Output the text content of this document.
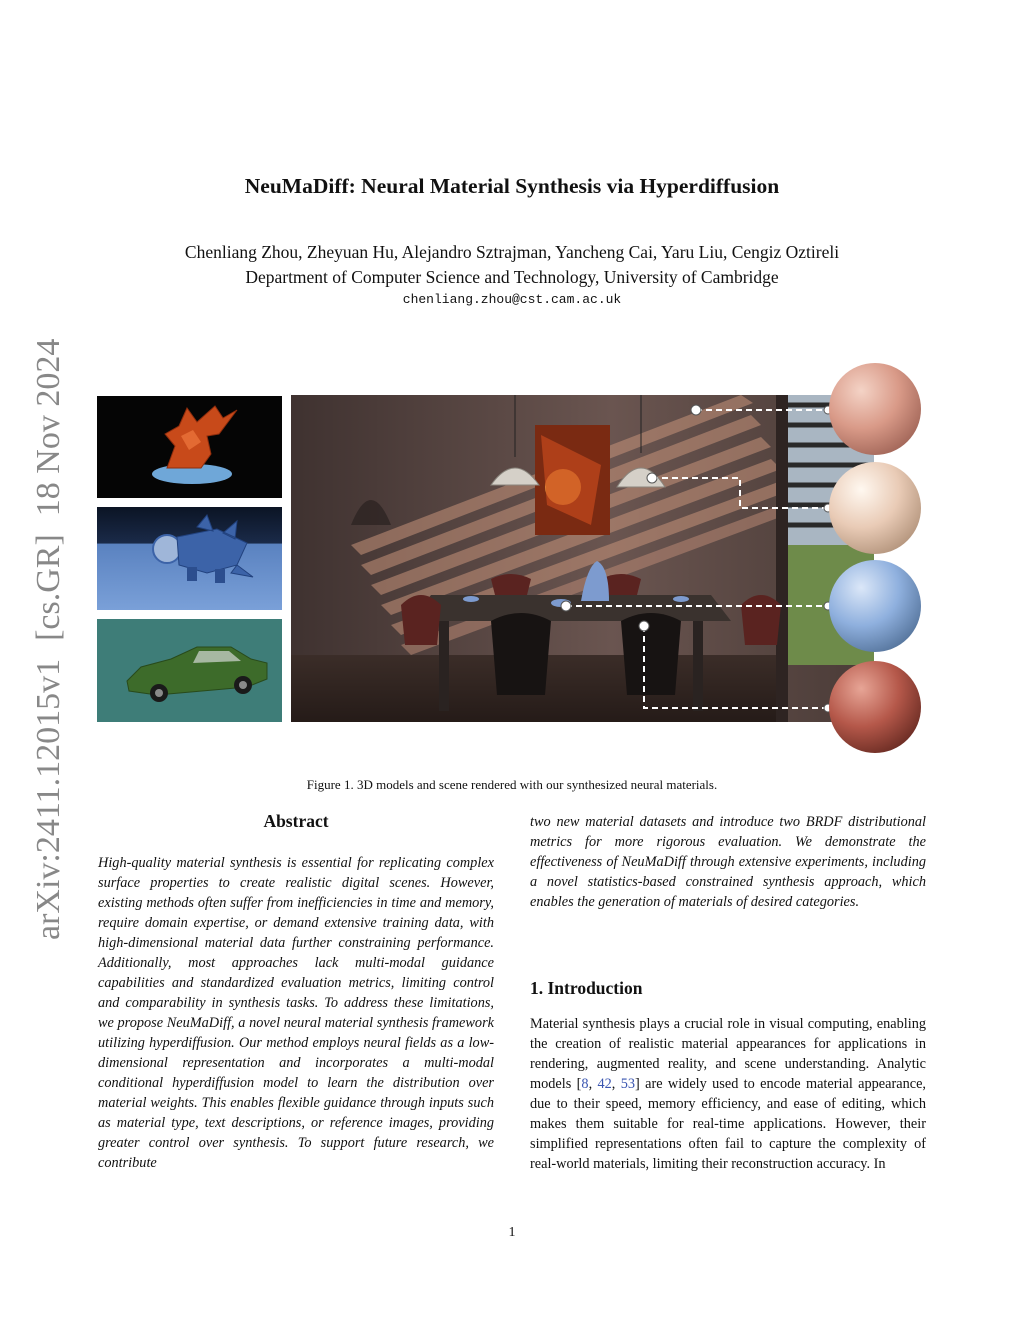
arXiv:2411.12015v1[cs.GR]18 Nov 2024
NeuMaDiff: Neural Material Synthesis via Hyperdiffusion
Chenliang Zhou, Zheyuan Hu, Alejandro Sztrajman, Yancheng Cai, Yaru Liu, Cengiz Oztireli
Department of Computer Science and Technology, University of Cambridge
chenliang.zhou@cst.cam.ac.uk
Figure 1. 3D models and scene rendered with our synthesized neural materials.
Abstract
High-quality material synthesis is essential for replicating complex surface properties to create realistic digital scenes. However, existing methods often suffer from inefficiencies in time and memory, require domain expertise, or demand extensive training data, with high-dimensional material data further constraining performance. Additionally, most approaches lack multi-modal guidance capabilities and standardized evaluation metrics, limiting control and comparability in synthesis tasks. To address these limitations, we propose NeuMaDiff, a novel neural material synthesis framework utilizing hyperdiffusion. Our method employs neural fields as a low-dimensional representation and incorporates a multi-modal conditional hyperdiffusion model to learn the distribution over material weights. This enables flexible guidance through inputs such as material type, text descriptions, or reference images, providing greater control over synthesis. To support future research, we contribute
two new material datasets and introduce two BRDF distributional metrics for more rigorous evaluation. We demonstrate the effectiveness of NeuMaDiff through extensive experiments, including a novel statistics-based constrained synthesis approach, which enables the generation of materials of desired categories.
1. Introduction
Material synthesis plays a crucial role in visual computing, enabling the creation of realistic material appearances for applications in rendering, augmented reality, and scene understanding. Analytic models [8, 42, 53] are widely used to encode material appearance, due to their speed, memory efficiency, and ease of editing, which makes them suitable for real-time applications. However, their simplified representations often fail to capture the complexity of real-world materials, limiting their reconstruction accuracy. In
1
